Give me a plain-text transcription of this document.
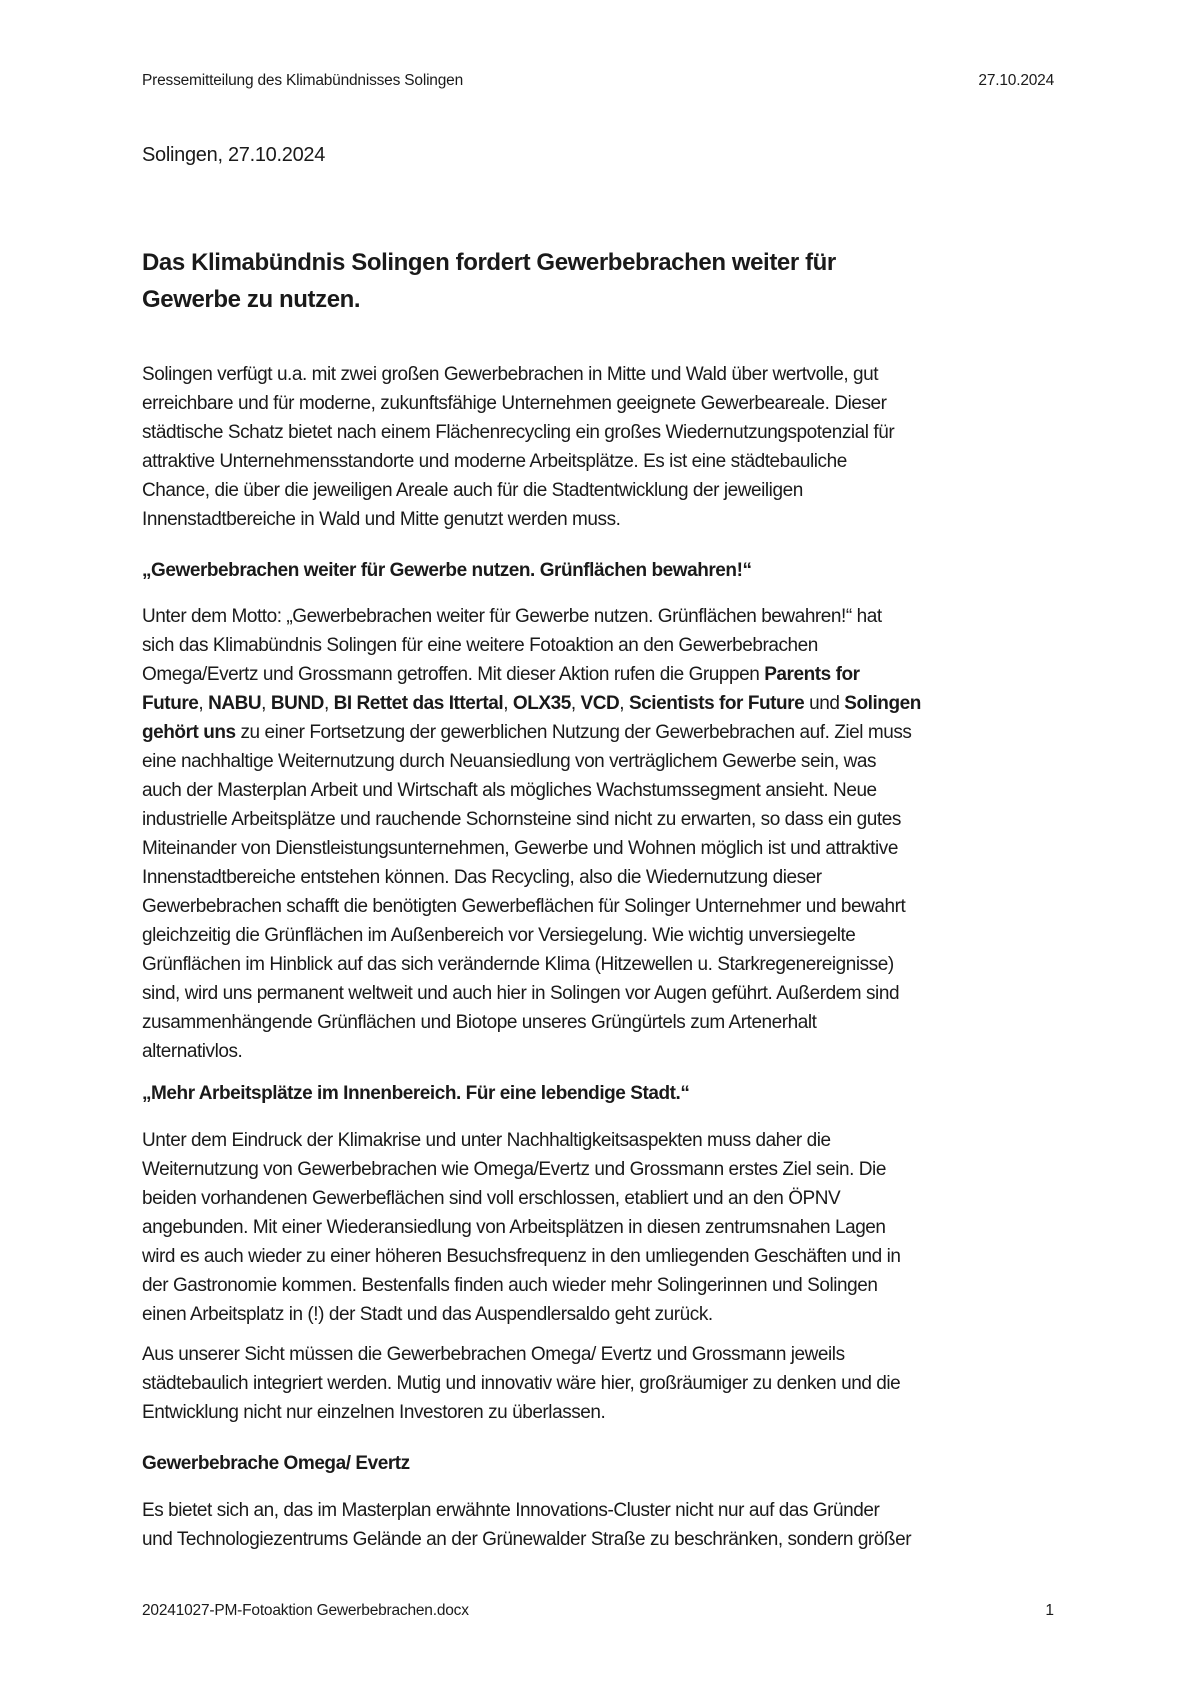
Pressemitteilung des Klimabündnisses Solingen	27.10.2024
Solingen, 27.10.2024
Das Klimabündnis Solingen fordert Gewerbebrachen weiter für
Gewerbe zu nutzen.
Solingen verfügt u.a. mit zwei großen Gewerbebrachen in Mitte und Wald über wertvolle, gut
erreichbare und für moderne, zukunftsfähige Unternehmen geeignete Gewerbeareale. Dieser
städtische Schatz bietet nach einem Flächenrecycling ein großes Wiedernutzungspotenzial für
attraktive Unternehmensstandorte und moderne Arbeitsplätze. Es ist eine städtebauliche
Chance, die über die jeweiligen Areale auch für die Stadtentwicklung der jeweiligen
Innenstadtbereiche in Wald und Mitte genutzt werden muss.
„Gewerbebrachen weiter für Gewerbe nutzen. Grünflächen bewahren!“
Unter dem Motto: „Gewerbebrachen weiter für Gewerbe nutzen. Grünflächen bewahren!“ hat
sich das Klimabündnis Solingen für eine weitere Fotoaktion an den Gewerbebrachen
Omega/Evertz und Grossmann getroffen. Mit dieser Aktion rufen die Gruppen Parents for
Future, NABU, BUND, BI Rettet das Ittertal, OLX35, VCD, Scientists for Future und Solingen
gehört uns zu einer Fortsetzung der gewerblichen Nutzung der Gewerbebrachen auf. Ziel muss
eine nachhaltige Weiternutzung durch Neuansiedlung von verträglichem Gewerbe sein, was
auch der Masterplan Arbeit und Wirtschaft als mögliches Wachstumssegment ansieht. Neue
industrielle Arbeitsplätze und rauchende Schornsteine sind nicht zu erwarten, so dass ein gutes
Miteinander von Dienstleistungsunternehmen, Gewerbe und Wohnen möglich ist und attraktive
Innenstadtbereiche entstehen können. Das Recycling, also die Wiedernutzung dieser
Gewerbebrachen schafft die benötigten Gewerbeflächen für Solinger Unternehmer und bewahrt
gleichzeitig die Grünflächen im Außenbereich vor Versiegelung. Wie wichtig unversiegelte
Grünflächen im Hinblick auf das sich verändernde Klima (Hitzewellen u. Starkregenereignisse)
sind, wird uns permanent weltweit und auch hier in Solingen vor Augen geführt. Außerdem sind
zusammenhängende Grünflächen und Biotope unseres Grüngürtels zum Artenerhalt
alternativlos.
„Mehr Arbeitsplätze im Innenbereich. Für eine lebendige Stadt.“
Unter dem Eindruck der Klimakrise und unter Nachhaltigkeitsaspekten muss daher die
Weiternutzung von Gewerbebrachen wie Omega/Evertz und Grossmann erstes Ziel sein. Die
beiden vorhandenen Gewerbeflächen sind voll erschlossen, etabliert und an den ÖPNV
angebunden. Mit einer Wiederansiedlung von Arbeitsplätzen in diesen zentrumsnahen Lagen
wird es auch wieder zu einer höheren Besuchsfrequenz in den umliegenden Geschäften und in
der Gastronomie kommen. Bestenfalls finden auch wieder mehr Solingerinnen und Solingen
einen Arbeitsplatz in (!) der Stadt und das Auspendlersaldo geht zurück.
Aus unserer Sicht müssen die Gewerbebrachen Omega/ Evertz und Grossmann jeweils
städtebaulich integriert werden. Mutig und innovativ wäre hier, großräumiger zu denken und die
Entwicklung nicht nur einzelnen Investoren zu überlassen.
Gewerbebrache Omega/ Evertz
Es bietet sich an, das im Masterplan erwähnte Innovations-Cluster nicht nur auf das Gründer
und Technologiezentrums Gelände an der Grünewalder Straße zu beschränken, sondern größer
20241027-PM-Fotoaktion Gewerbebrachen.docx	1
